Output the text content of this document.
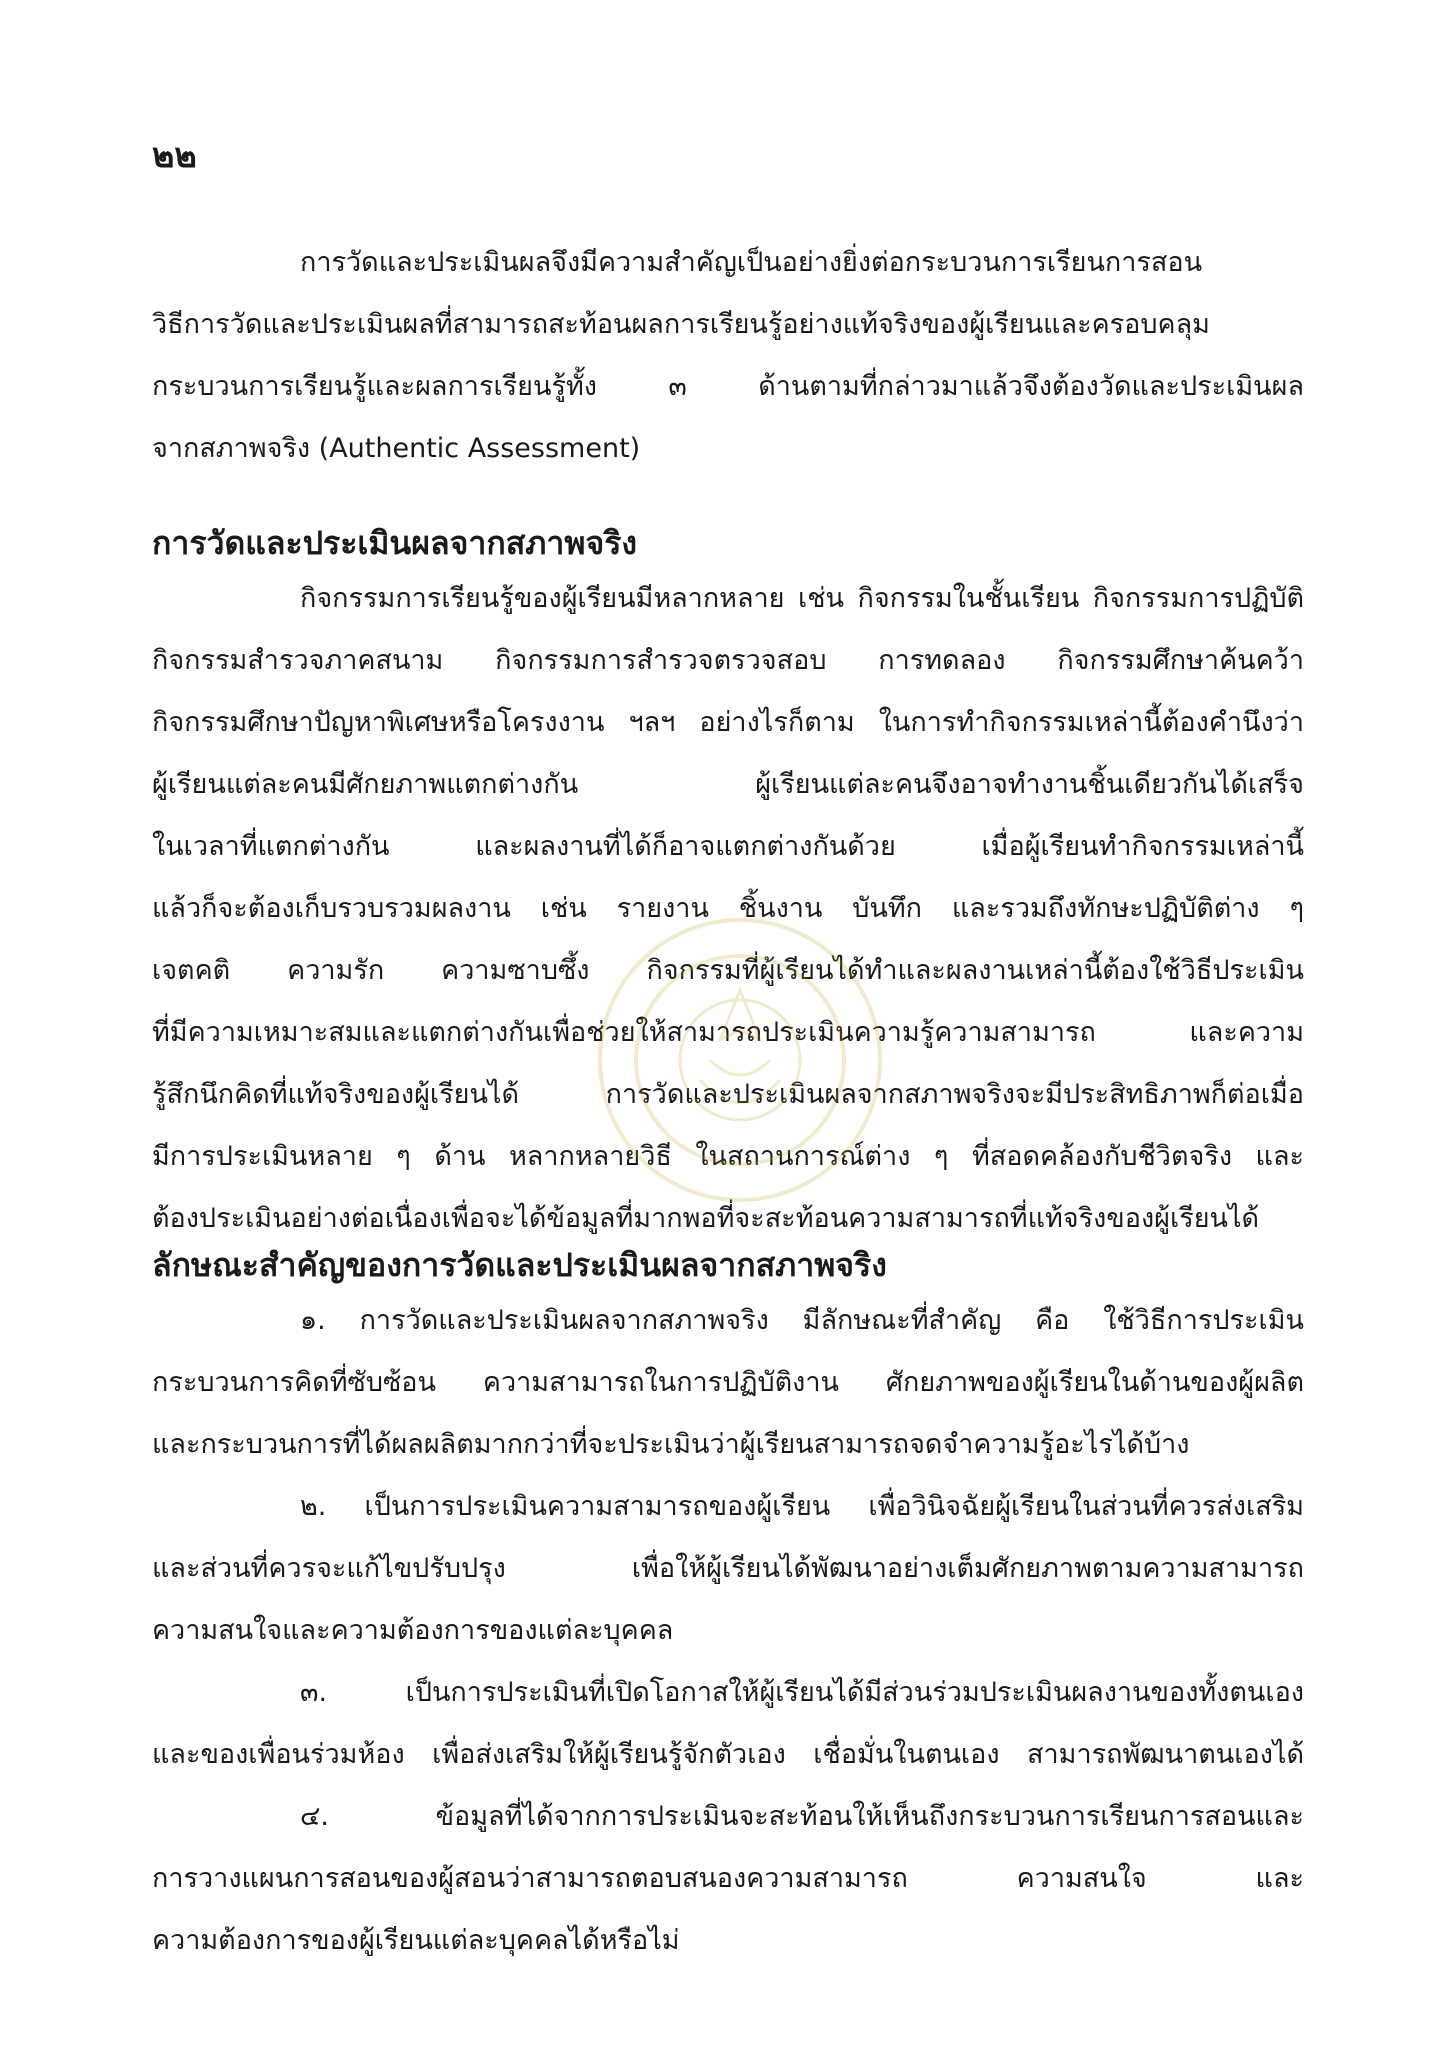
๒๒
การวัดและประเมินผลจึงมีความสำคัญเป็นอย่างยิ่งต่อกระบวนการเรียนการสอน
วิธีการวัดและประเมินผลที่สามารถสะท้อนผลการเรียนรู้อย่างแท้จริงของผู้เรียนและครอบคลุม
กระบวนการเรียนรู้และผลการเรียนรู้ทั้ง ๓ ด้านตามที่กล่าวมาแล้วจึงต้องวัดและประเมินผล
จากสภาพจริง (Authentic Assessment)
การวัดและประเมินผลจากสภาพจริง
กิจกรรมการเรียนรู้ของผู้เรียนมีหลากหลาย เช่น กิจกรรมในชั้นเรียน กิจกรรมการปฏิบัติ
กิจกรรมสำรวจภาคสนาม กิจกรรมการสำรวจตรวจสอบ การทดลอง กิจกรรมศึกษาค้นคว้า
กิจกรรมศึกษาปัญหาพิเศษหรือโครงงาน ฯลฯ อย่างไรก็ตาม ในการทำกิจกรรมเหล่านี้ต้องคำนึงว่า
ผู้เรียนแต่ละคนมีศักยภาพแตกต่างกัน ผู้เรียนแต่ละคนจึงอาจทำงานชิ้นเดียวกันได้เสร็จ
ในเวลาที่แตกต่างกัน และผลงานที่ได้ก็อาจแตกต่างกันด้วย เมื่อผู้เรียนทำกิจกรรมเหล่านี้
แล้วก็จะต้องเก็บรวบรวมผลงาน เช่น รายงาน ชิ้นงาน บันทึก และรวมถึงทักษะปฏิบัติต่าง ๆ
เจตคติ ความรัก ความซาบซึ้ง กิจกรรมที่ผู้เรียนได้ทำและผลงานเหล่านี้ต้องใช้วิธีประเมิน
ที่มีความเหมาะสมและแตกต่างกันเพื่อช่วยให้สามารถประเมินความรู้ความสามารถ และความ
รู้สึกนึกคิดที่แท้จริงของผู้เรียนได้ การวัดและประเมินผลจากสภาพจริงจะมีประสิทธิภาพก็ต่อเมื่อ
มีการประเมินหลาย ๆ ด้าน หลากหลายวิธี ในสถานการณ์ต่าง ๆ ที่สอดคล้องกับชีวิตจริง และ
ต้องประเมินอย่างต่อเนื่องเพื่อจะได้ข้อมูลที่มากพอที่จะสะท้อนความสามารถที่แท้จริงของผู้เรียนได้
ลักษณะสำคัญของการวัดและประเมินผลจากสภาพจริง
๑. การวัดและประเมินผลจากสภาพจริง มีลักษณะที่สำคัญ คือ ใช้วิธีการประเมิน
กระบวนการคิดที่ซับซ้อน ความสามารถในการปฏิบัติงาน ศักยภาพของผู้เรียนในด้านของผู้ผลิต
และกระบวนการที่ได้ผลผลิตมากกว่าที่จะประเมินว่าผู้เรียนสามารถจดจำความรู้อะไรได้บ้าง
๒. เป็นการประเมินความสามารถของผู้เรียน เพื่อวินิจฉัยผู้เรียนในส่วนที่ควรส่งเสริม
และส่วนที่ควรจะแก้ไขปรับปรุง เพื่อให้ผู้เรียนได้พัฒนาอย่างเต็มศักยภาพตามความสามารถ
ความสนใจและความต้องการของแต่ละบุคคล
๓. เป็นการประเมินที่เปิดโอกาสให้ผู้เรียนได้มีส่วนร่วมประเมินผลงานของทั้งตนเอง
และของเพื่อนร่วมห้อง เพื่อส่งเสริมให้ผู้เรียนรู้จักตัวเอง เชื่อมั่นในตนเอง สามารถพัฒนาตนเองได้
๔. ข้อมูลที่ได้จากการประเมินจะสะท้อนให้เห็นถึงกระบวนการเรียนการสอนและ
การวางแผนการสอนของผู้สอนว่าสามารถตอบสนองความสามารถ ความสนใจ และ
ความต้องการของผู้เรียนแต่ละบุคคลได้หรือไม่
